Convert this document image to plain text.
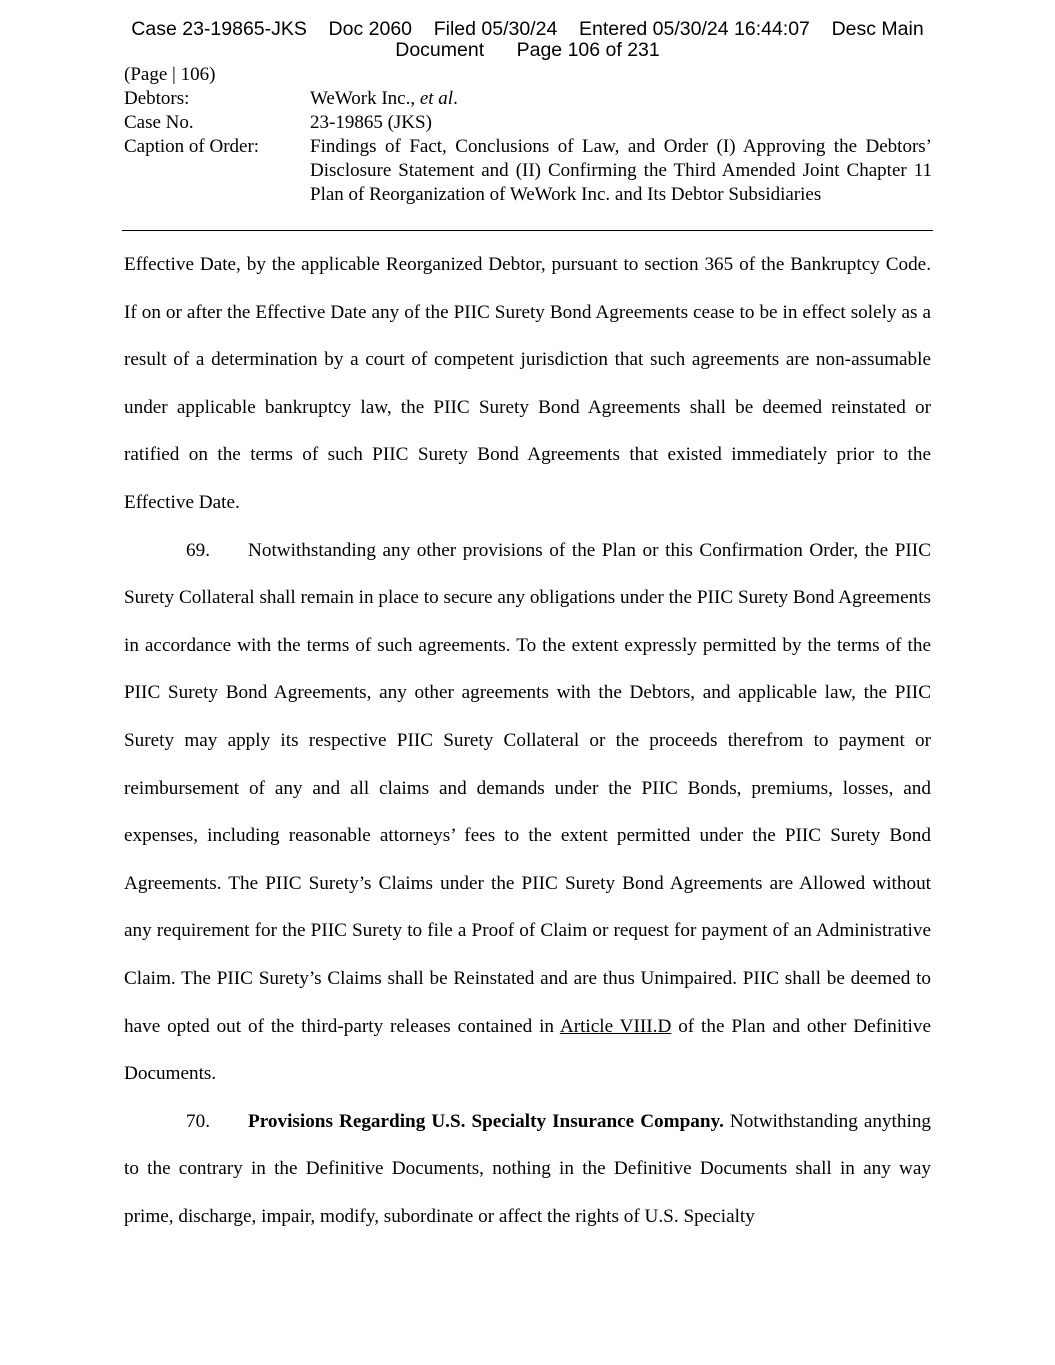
Case 23-19865-JKS    Doc 2060    Filed 05/30/24    Entered 05/30/24 16:44:07    Desc Main
Document      Page 106 of 231
(Page | 106)
Debtors:	WeWork Inc., et al.
Case No.	23-19865 (JKS)
Caption of Order:	Findings of Fact, Conclusions of Law, and Order (I) Approving the Debtors’ Disclosure Statement and (II) Confirming the Third Amended Joint Chapter 11 Plan of Reorganization of WeWork Inc. and Its Debtor Subsidiaries

Effective Date, by the applicable Reorganized Debtor, pursuant to section 365 of the Bankruptcy Code. If on or after the Effective Date any of the PIIC Surety Bond Agreements cease to be in effect solely as a result of a determination by a court of competent jurisdiction that such agreements are non-assumable under applicable bankruptcy law, the PIIC Surety Bond Agreements shall be deemed reinstated or ratified on the terms of such PIIC Surety Bond Agreements that existed immediately prior to the Effective Date.

69. Notwithstanding any other provisions of the Plan or this Confirmation Order, the PIIC Surety Collateral shall remain in place to secure any obligations under the PIIC Surety Bond Agreements in accordance with the terms of such agreements. To the extent expressly permitted by the terms of the PIIC Surety Bond Agreements, any other agreements with the Debtors, and applicable law, the PIIC Surety may apply its respective PIIC Surety Collateral or the proceeds therefrom to payment or reimbursement of any and all claims and demands under the PIIC Bonds, premiums, losses, and expenses, including reasonable attorneys’ fees to the extent permitted under the PIIC Surety Bond Agreements. The PIIC Surety’s Claims under the PIIC Surety Bond Agreements are Allowed without any requirement for the PIIC Surety to file a Proof of Claim or request for payment of an Administrative Claim. The PIIC Surety’s Claims shall be Reinstated and are thus Unimpaired. PIIC shall be deemed to have opted out of the third-party releases contained in Article VIII.D of the Plan and other Definitive Documents.

70. Provisions Regarding U.S. Specialty Insurance Company. Notwithstanding anything to the contrary in the Definitive Documents, nothing in the Definitive Documents shall in any way prime, discharge, impair, modify, subordinate or affect the rights of U.S. Specialty
